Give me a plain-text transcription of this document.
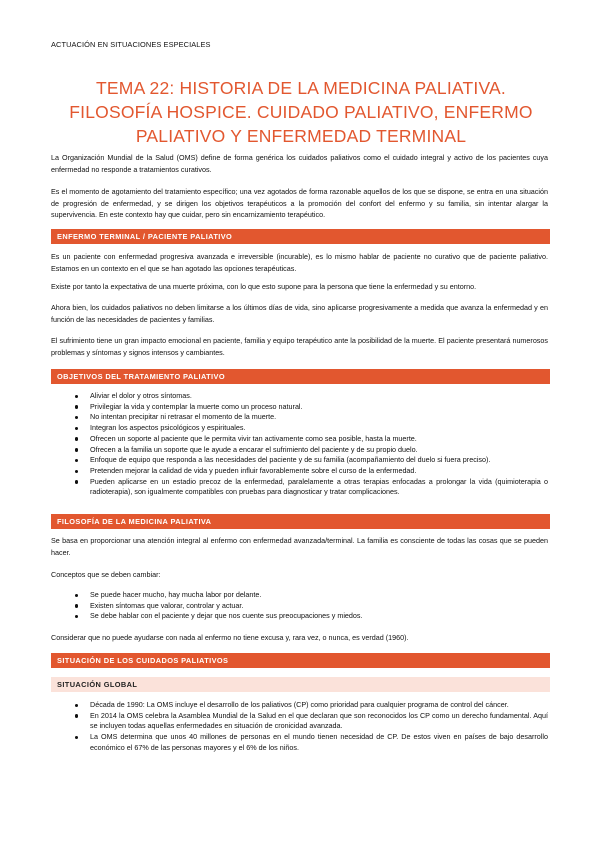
ACTUACIÓN EN SITUACIONES ESPECIALES
TEMA 22: HISTORIA DE LA MEDICINA PALIATIVA.
FILOSOFÍA HOSPICE. CUIDADO PALIATIVO, ENFERMO
PALIATIVO Y ENFERMEDAD TERMINAL

La Organización Mundial de la Salud (OMS) define de forma genérica los cuidados paliativos como el cuidado integral y activo de los pacientes cuya enfermedad no responde a tratamientos curativos.

Es el momento de agotamiento del tratamiento específico; una vez agotados de forma razonable aquellos de los que se dispone, se entra en una situación de progresión de enfermedad, y se dirigen los objetivos terapéuticos a la promoción del confort del enfermo y su familia, sin intentar alargar la supervivencia. En este contexto hay que cuidar, pero sin encarnizamiento terapéutico.

ENFERMO TERMINAL / PACIENTE PALIATIVO

Es un paciente con enfermedad progresiva avanzada e irreversible (incurable), es lo mismo hablar de paciente no curativo que de paciente paliativo. Estamos en un contexto en el que se han agotado las opciones terapéuticas.

Existe por tanto la expectativa de una muerte próxima, con lo que esto supone para la persona que tiene la enfermedad y su entorno.

Ahora bien, los cuidados paliativos no deben limitarse a los últimos días de vida, sino aplicarse progresivamente a medida que avanza la enfermedad y en función de las necesidades de pacientes y familias.

El sufrimiento tiene un gran impacto emocional en paciente, familia y equipo terapéutico ante la posibilidad de la muerte. El paciente presentará numerosos problemas y síntomas y signos intensos y cambiantes.

OBJETIVOS DEL TRATAMIENTO PALIATIVO
Aliviar el dolor y otros síntomas.
Privilegiar la vida y contemplar la muerte como un proceso natural.
No intentan precipitar ni retrasar el momento de la muerte.
Integran los aspectos psicológicos y espirituales.
Ofrecen un soporte al paciente que le permita vivir tan activamente como sea posible, hasta la muerte.
Ofrecen a la familia un soporte que le ayude a encarar el sufrimiento del paciente y de su propio duelo.
Enfoque de equipo que responda a las necesidades del paciente y de su familia (acompañamiento del duelo si fuera preciso).
Pretenden mejorar la calidad de vida y pueden influir favorablemente sobre el curso de la enfermedad.
Pueden aplicarse en un estadio precoz de la enfermedad, paralelamente a otras terapias enfocadas a prolongar la vida (quimioterapia o radioterapia), son igualmente compatibles con pruebas para diagnosticar y tratar complicaciones.
FILOSOFÍA DE LA MEDICINA PALIATIVA

Se basa en proporcionar una atención integral al enfermo con enfermedad avanzada/terminal. La familia es consciente de todas las cosas que se pueden hacer.

Conceptos que se deben cambiar:

Se puede hacer mucho, hay mucha labor por delante.
Existen síntomas que valorar, controlar y actuar.
Se debe hablar con el paciente y dejar que nos cuente sus preocupaciones y miedos.

Considerar que no puede ayudarse con nada al enfermo no tiene excusa y, rara vez, o nunca, es verdad (1960).

SITUACIÓN DE LOS CUIDADOS PALIATIVOS
SITUACIÓN GLOBAL
Década de 1990: La OMS incluye el desarrollo de los paliativos (CP) como prioridad para cualquier programa de control del cáncer.
En 2014 la OMS celebra la Asamblea Mundial de la Salud en el que declaran que son reconocidos los CP como un derecho fundamental. Aquí se incluyen todas aquellas enfermedades en situación de cronicidad avanzada.
La OMS determina que unos 40 millones de personas en el mundo tienen necesidad de CP. De estos viven en países de bajo desarrollo económico el 67% de las personas mayores y el 6% de los niños.
